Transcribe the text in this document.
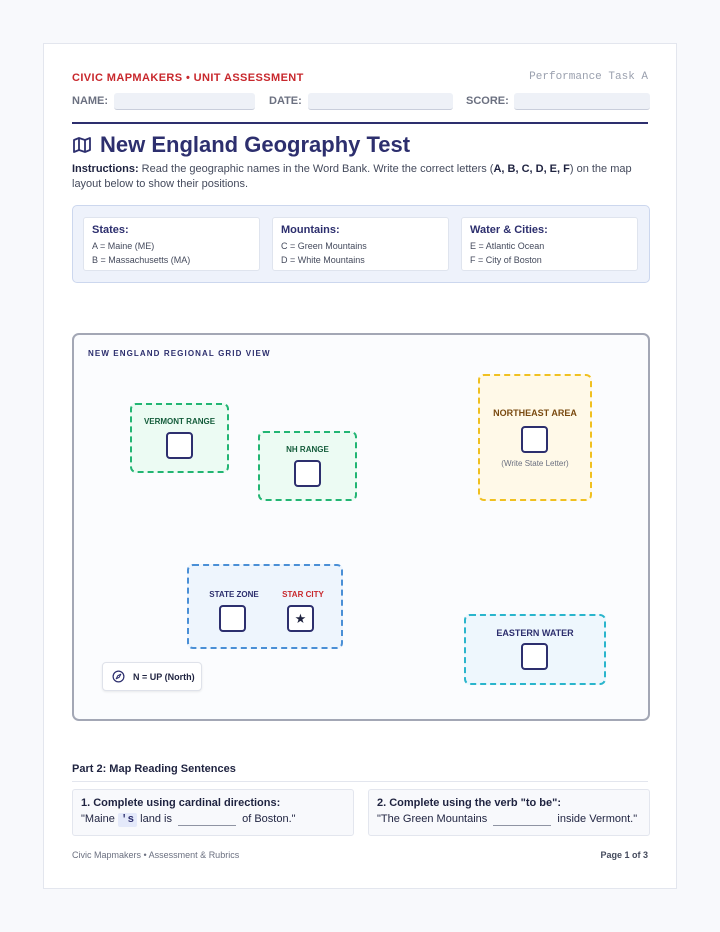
CIVIC MAPMAKERS • UNIT ASSESSMENT	Performance Task A
NAME:	DATE:	SCORE:
New England Geography Test
Instructions: Read the geographic names in the Word Bank. Write the correct letters (A, B, C, D, E, F) on the map layout below to show their positions.
States:
A = Maine (ME)
B = Massachusetts (MA)
Mountains:
C = Green Mountains
D = White Mountains
Water & Cities:
E = Atlantic Ocean
F = City of Boston
NEW ENGLAND REGIONAL GRID VIEW
VERMONT RANGE
NH RANGE
NORTHEAST AREA
(Write State Letter)
STATE ZONE	STAR CITY
★
EASTERN WATER
N = UP (North)
Part 2: Map Reading Sentences
1. Complete using cardinal directions:
"Maine 's land is	of Boston."
2. Complete using the verb "to be":
"The Green Mountains	inside Vermont."
Civic Mapmakers • Assessment & Rubrics	Page 1 of 3
